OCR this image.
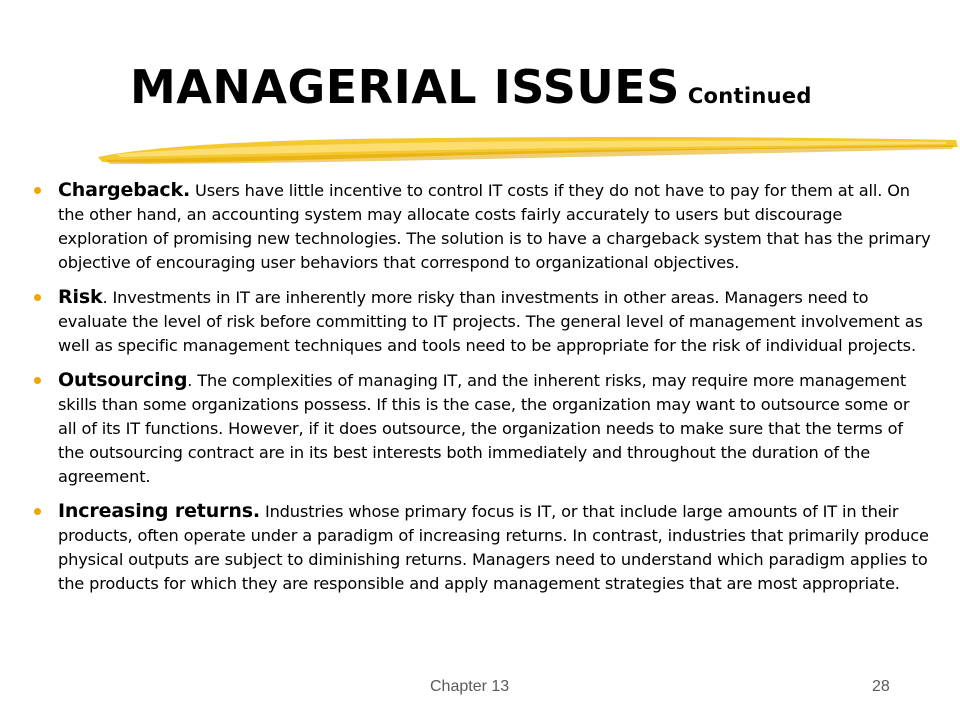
MANAGERIAL ISSUES Continued
Chargeback. Users have little incentive to control IT costs if they do not have to pay for them at all. On the other hand, an accounting system may allocate costs fairly accurately to users but discourage exploration of promising new technologies. The solution is to have a chargeback system that has the primary objective of encouraging user behaviors that correspond to organizational objectives.
Risk. Investments in IT are inherently more risky than investments in other areas. Managers need to evaluate the level of risk before committing to IT projects. The general level of management involvement as well as specific management techniques and tools need to be appropriate for the risk of individual projects.
Outsourcing. The complexities of managing IT, and the inherent risks, may require more management skills than some organizations possess. If this is the case, the organization may want to outsource some or all of its IT functions. However, if it does outsource, the organization needs to make sure that the terms of the outsourcing contract are in its best interests both immediately and throughout the duration of the agreement.
Increasing returns. Industries whose primary focus is IT, or that include large amounts of IT in their products, often operate under a paradigm of increasing returns. In contrast, industries that primarily produce physical outputs are subject to diminishing returns. Managers need to understand which paradigm applies to the products for which they are responsible and apply management strategies that are most appropriate.
Chapter 13	28
